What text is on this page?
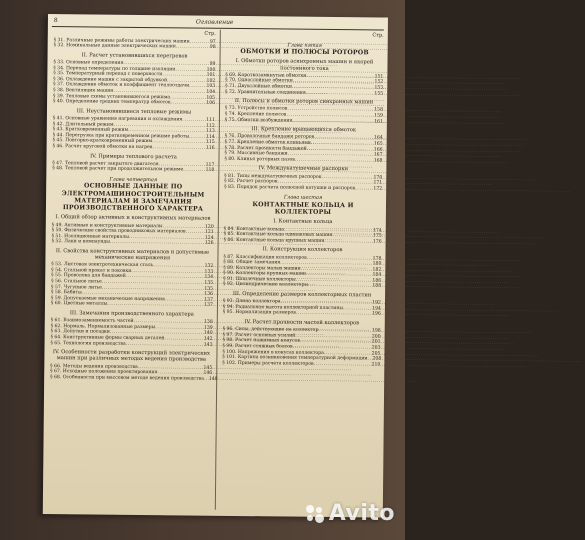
8	Оглавление
Стр.
§ 31. Различные режимы работы электрических машин .....	97
§ 32. Номинальные данные электрических машин .....	98
II. Расчет установившихся перегревов
§ 33. Основные определения .....	99
§ 34. Перепад температуры по толщине изоляции .....	100
§ 35. Температурный перепад с поверхности .....	101
§ 36. Охлаждение машин с закрытой обдувкой .....	102
§ 37. Охлаждение обмоток и коэффициент теплоотдачи .....	103
§ 38. Вентиляция машин .....	104
§ 39. Тепловые схемы установившегося режима .....	105
§ 40. Определение средних температур обмоток .....	106
III. Неустановившиеся тепловые режимы
§ 41. Основные уравнения нагревания и охлаждения .....	111
§ 42. Длительный режим .....	112
§ 43. Кратковременный режим .....	113
§ 44. Перегрузка при кратковременном режиме работы .....	114
§ 45. Повторно-кратковременный режим .....	115
§ 46. Расчет круговой обмотки на нагрев .....	116
IV. Примеры теплового расчета
§ 47. Тепловой расчет закрытого двигателя .....	117
§ 48. Тепловой расчет при продолжительном режиме .....	118
Глава четвертая
ОСНОВНЫЕ ДАННЫЕ ПО ЭЛЕКТРОМАШИНОСТРОИТЕЛЬНЫМ МАТЕРИАЛАМ И ЗАМЕЧАНИЯ ПРОИЗВОДСТВЕННОГО ХАРАКТЕРА
I. Общий обзор активных и конструктивных материалов
§ 49. Активные и конструктивные материалы .....	120
§ 50. Физические свойства проводниковых материалов .....	121
§ 51. Изоляционные материалы .....	124
§ 52. Лаки и компаунды .....	126
II. Свойства конструктивных материалов и допустимые механические напряжения
§ 53. Листовая электротехническая сталь .....	132
§ 54. Стальной прокат и поковки .....	133
§ 55. Проволока для бандажей .....	134
§ 56. Стальное литье .....	135
§ 57. Чугунное литье .....	135
§ 58. Бабиты .....	136
§ 59. Допускаемые механические напряжения .....	137
§ 60. Цветные металлы .....	137
III. Замечания производственного характера
§ 61. Взаимозаменяемость частей .....	138
§ 62. Нормаль. Нормализованные размеры .....	139
§ 63. Допуски и посадки .....	140
§ 64. Конструктивные формы сварных деталей .....	142
§ 65. Технология производства .....	143
IV. Особенности разработки конструкций электрических машин при различных методах ведения производства
§ 66. Методы ведения производства .....	145
§ 67. Исходные положения проектирования .....	146
§ 68. Особенности при массовом методе ведения производства ..... 148
Стр.
Глава пятая
ОБМОТКИ И ПОЛЮСЫ РОТОРОВ
I. Обмотки роторов асинхронных машин и якорей постоянного тока
§ 69. Короткозамкнутые обмотки .....	151
§ 70. Однослойные обмотки .....	152
§ 71. Двухслойные обмотки .....	153
§ 72. Уравнительные соединения .....	155
II. Полюсы и обмотки роторов синхронных машин
§ 73. Устройство полюсов .....	158
§ 74. Крепление полюсов .....	159
§ 75. Обмотки возбуждения .....	161
III. Крепление вращающихся обмоток
§ 76. Проволочные бандажи роторов .....	164
§ 77. Крепление обмоток клиньями .....	165
§ 78. Расчет прочности бандажей .....	166
§ 79. Массивные бандажи .....	167
§ 80. Клинья роторных пазов .....	168
IV. Междукатушечные распорки
§ 81. Типы междукатушечных распорок .....	170
§ 82. Расчет распорок .....	171
§ 83. Порядок расчета полюсной катушки и распорок .....	172
Глава шестая
КОНТАКТНЫЕ КОЛЬЦА И КОЛЛЕКТОРЫ
I. Контактные кольца
§ 84. Контактные кольца .....	174
§ 85. Контактные кольца одинаковых машин .....	175
§ 86. Контактные кольца крупных машин .....	176
II. Конструкция коллекторов
§ 87. Классификация коллекторов .....	178
§ 88. Общие замечания .....	180
§ 89. Коллекторы малых машин .....	182
§ 90. Коллекторы крупных машин .....	184
§ 91. Шпилечные коллекторы .....	186
§ 92. Цилиндрические коллекторы .....	188
III. Определение размеров коллекторных пластин
§ 93. Длина коллектора .....	192
§ 94. Радиальная высота коллекторной пластины .....	194
§ 95. Нормализация размеров .....	196
IV. Расчет прочности частей коллекторов
§ 96. Силы, действующие на коллектор .....	198
§ 97. Расчет основных усилий .....	200
§ 98. Расчет нажимных конусов .....	201
§ 99. Расчет стяжных болтов .....	203
§ 100. Напряжения в конусах коллектора .....	205
§ 101. Картина возникновения температурной деформации ..... 208
§ 102. Примеры расчета коллекторов .....	210
Avito
